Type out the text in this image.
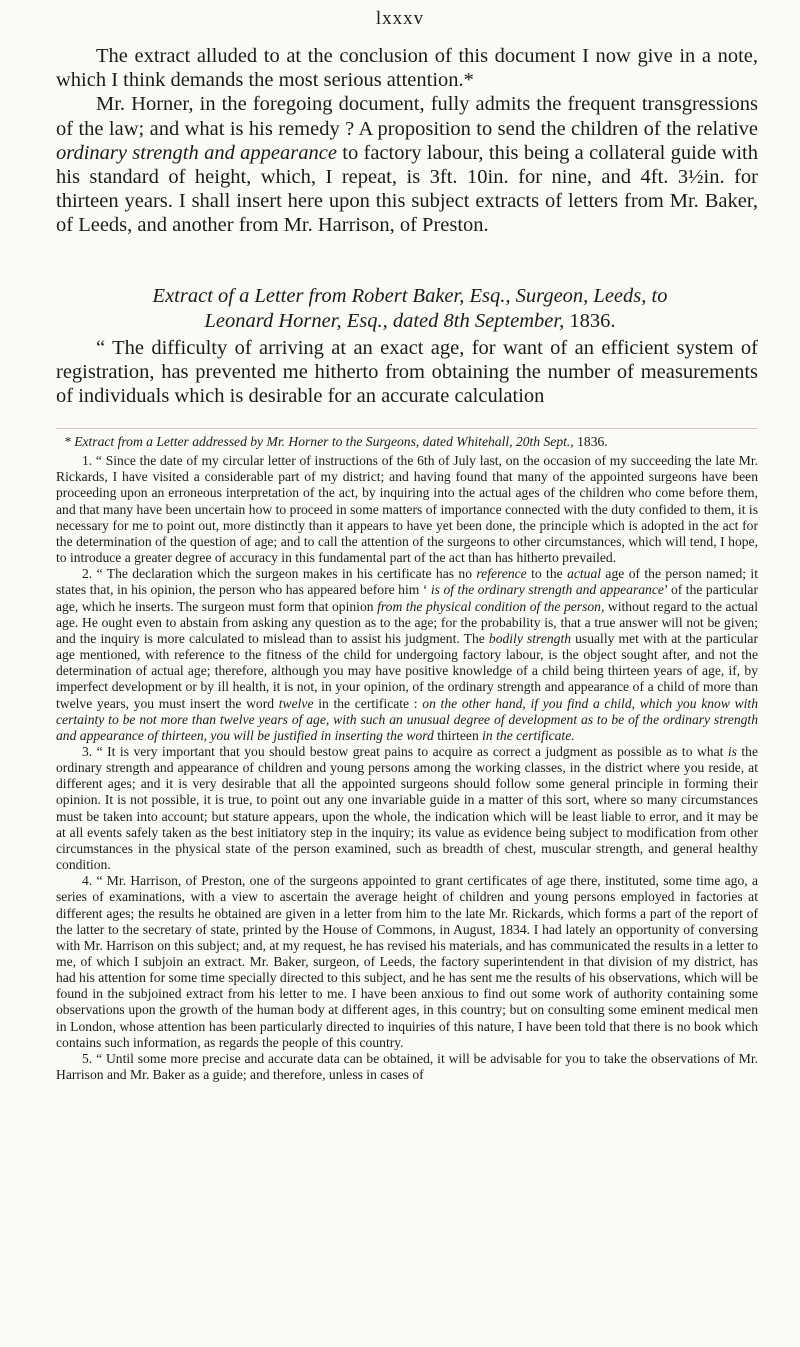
lxxxv

The extract alluded to at the conclusion of this document I now give in a note, which I think demands the most serious attention.*

Mr. Horner, in the foregoing document, fully admits the frequent transgressions of the law; and what is his remedy ? A proposition to send the children of the relative ordinary strength and appearance to factory labour, this being a collateral guide with his standard of height, which, I repeat, is 3ft. 10in. for nine, and 4ft. 3½in. for thirteen years. I shall insert here upon this subject extracts of letters from Mr. Baker, of Leeds, and another from Mr. Harrison, of Preston.

Extract of a Letter from Robert Baker, Esq., Surgeon, Leeds, to
Leonard Horner, Esq., dated 8th September, 1836.

“ The difficulty of arriving at an exact age, for want of an efficient system of registration, has prevented me hitherto from obtaining the number of measurements of individuals which is desirable for an accurate calculation

* Extract from a Letter addressed by Mr. Horner to the Surgeons, dated Whitehall, 20th Sept., 1836.

1. “ Since the date of my circular letter of instructions of the 6th of July last, on the occasion of my succeeding the late Mr. Rickards, I have visited a considerable part of my district; and having found that many of the appointed surgeons have been proceeding upon an erroneous interpretation of the act, by inquiring into the actual ages of the children who come before them, and that many have been uncertain how to proceed in some matters of importance connected with the duty confided to them, it is necessary for me to point out, more distinctly than it appears to have yet been done, the principle which is adopted in the act for the determination of the question of age; and to call the attention of the surgeons to other circumstances, which will tend, I hope, to introduce a greater degree of accuracy in this fundamental part of the act than has hitherto prevailed.

2. “ The declaration which the surgeon makes in his certificate has no reference to the actual age of the person named; it states that, in his opinion, the person who has appeared before him ‘ is of the ordinary strength and appearance’ of the particular age, which he inserts. The surgeon must form that opinion from the physical condition of the person, without regard to the actual age. He ought even to abstain from asking any question as to the age; for the probability is, that a true answer will not be given; and the inquiry is more calculated to mislead than to assist his judgment. The bodily strength usually met with at the particular age mentioned, with reference to the fitness of the child for undergoing factory labour, is the object sought after, and not the determination of actual age; therefore, although you may have positive knowledge of a child being thirteen years of age, if, by imperfect development or by ill health, it is not, in your opinion, of the ordinary strength and appearance of a child of more than twelve years, you must insert the word twelve in the certificate : on the other hand, if you find a child, which you know with certainty to be not more than twelve years of age, with such an unusual degree of development as to be of the ordinary strength and appearance of thirteen, you will be justified in inserting the word thirteen in the certificate.

3. “ It is very important that you should bestow great pains to acquire as correct a judgment as possible as to what is the ordinary strength and appearance of children and young persons among the working classes, in the district where you reside, at different ages; and it is very desirable that all the appointed surgeons should follow some general principle in forming their opinion. It is not possible, it is true, to point out any one invariable guide in a matter of this sort, where so many circumstances must be taken into account; but stature appears, upon the whole, the indication which will be least liable to error, and it may be at all events safely taken as the best initiatory step in the inquiry; its value as evidence being subject to modification from other circumstances in the physical state of the person examined, such as breadth of chest, muscular strength, and general healthy condition.

4. “ Mr. Harrison, of Preston, one of the surgeons appointed to grant certificates of age there, instituted, some time ago, a series of examinations, with a view to ascertain the average height of children and young persons employed in factories at different ages; the results he obtained are given in a letter from him to the late Mr. Rickards, which forms a part of the report of the latter to the secretary of state, printed by the House of Commons, in August, 1834. I had lately an opportunity of conversing with Mr. Harrison on this subject; and, at my request, he has revised his materials, and has communicated the results in a letter to me, of which I subjoin an extract. Mr. Baker, surgeon, of Leeds, the factory superintendent in that division of my district, has had his attention for some time specially directed to this subject, and he has sent me the results of his observations, which will be found in the subjoined extract from his letter to me. I have been anxious to find out some work of authority containing some observations upon the growth of the human body at different ages, in this country; but on consulting some eminent medical men in London, whose attention has been particularly directed to inquiries of this nature, I have been told that there is no book which contains such information, as regards the people of this country.

5. “ Until some more precise and accurate data can be obtained, it will be advisable for you to take the observations of Mr. Harrison and Mr. Baker as a guide; and therefore, unless in cases of
